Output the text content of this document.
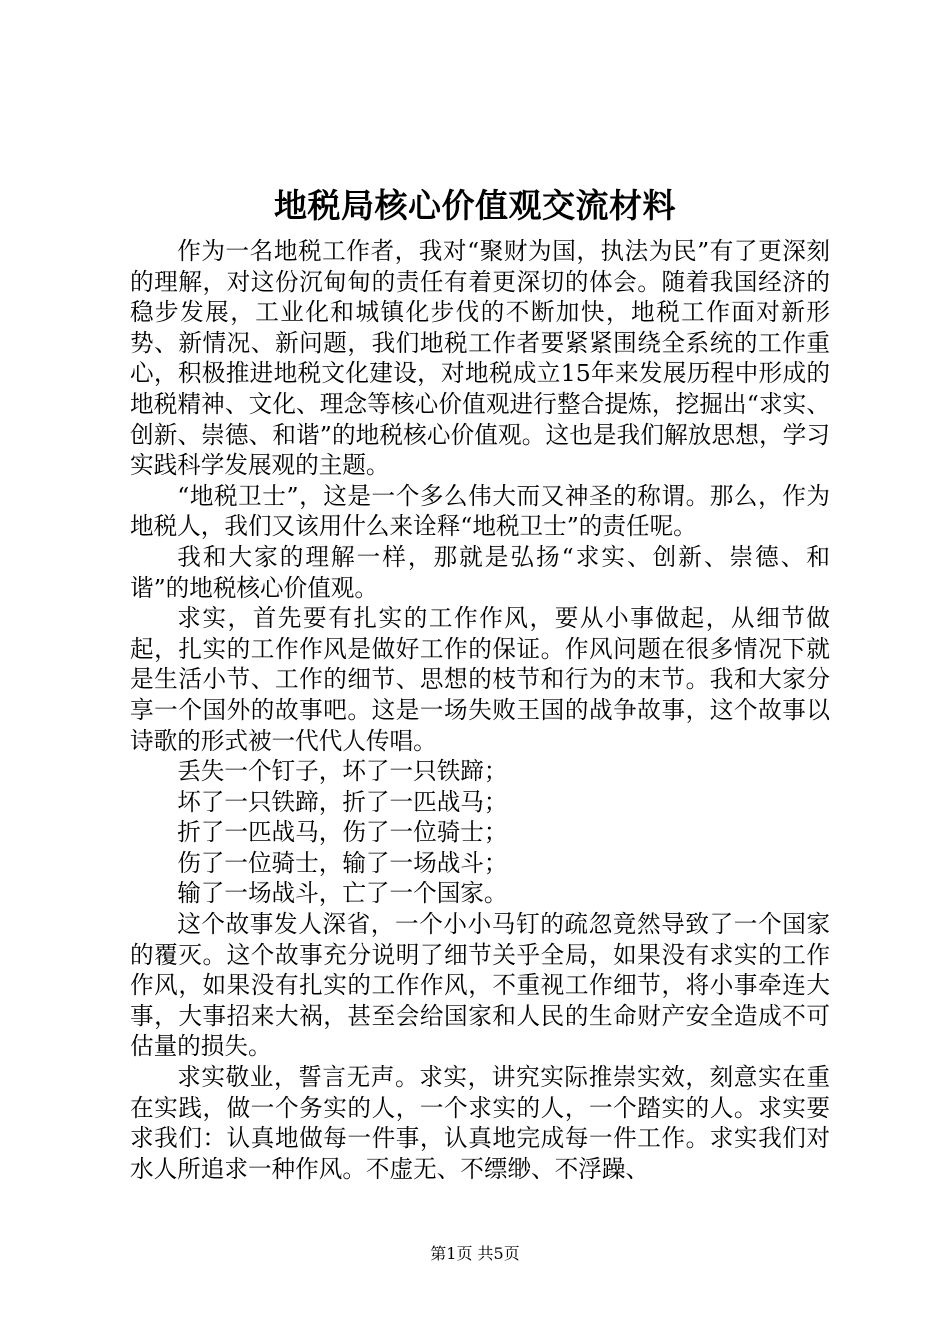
地税局核心价值观交流材料

作为一名地税工作者，我对“聚财为国，执法为民”有了更深刻的理解，对这份沉甸甸的责任有着更深切的体会。随着我国经济的稳步发展，工业化和城镇化步伐的不断加快，地税工作面对新形势、新情况、新问题，我们地税工作者要紧紧围绕全系统的工作重心，积极推进地税文化建设，对地税成立15年来发展历程中形成的地税精神、文化、理念等核心价值观进行整合提炼，挖掘出“求实、创新、崇德、和谐”的地税核心价值观。这也是我们解放思想，学习实践科学发展观的主题。

“地税卫士”，这是一个多么伟大而又神圣的称谓。那么，作为地税人，我们又该用什么来诠释“地税卫士”的责任呢。

我和大家的理解一样，那就是弘扬“求实、创新、崇德、和谐”的地税核心价值观。

求实，首先要有扎实的工作作风，要从小事做起，从细节做起，扎实的工作作风是做好工作的保证。作风问题在很多情况下就是生活小节、工作的细节、思想的枝节和行为的末节。我和大家分享一个国外的故事吧。这是一场失败王国的战争故事，这个故事以诗歌的形式被一代代人传唱。

丢失一个钉子，坏了一只铁蹄；

坏了一只铁蹄，折了一匹战马；

折了一匹战马，伤了一位骑士；

伤了一位骑士，输了一场战斗；

输了一场战斗，亡了一个国家。

这个故事发人深省，一个小小马钉的疏忽竟然导致了一个国家的覆灭。这个故事充分说明了细节关乎全局，如果没有求实的工作作风，如果没有扎实的工作作风，不重视工作细节，将小事牵连大事，大事招来大祸，甚至会给国家和人民的生命财产安全造成不可估量的损失。

求实敬业，誓言无声。求实，讲究实际推崇实效，刻意实在重在实践，做一个务实的人，一个求实的人，一个踏实的人。求实要求我们：认真地做每一件事，认真地完成每一件工作。求实我们对水人所追求一种作风。不虚无、不缥缈、不浮躁、

第1页 共5页
